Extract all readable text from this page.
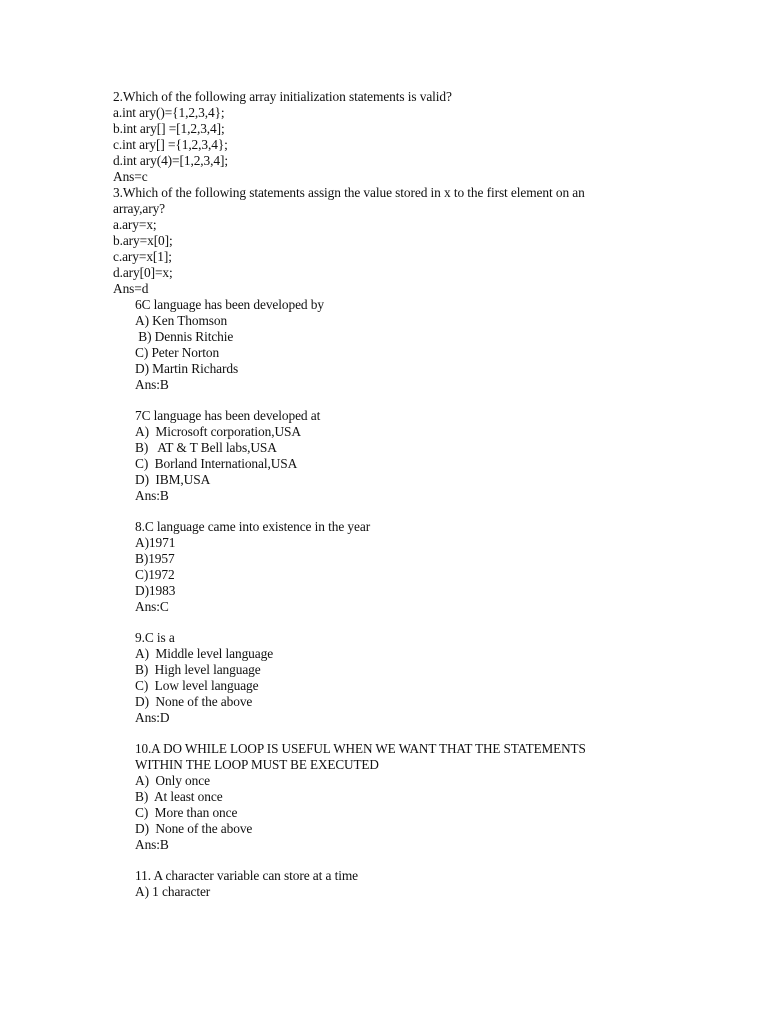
2.Which of the following array initialization statements is valid?
a.int ary()={1,2,3,4};
b.int ary[] =[1,2,3,4];
c.int ary[] ={1,2,3,4};
d.int ary(4)=[1,2,3,4];
Ans=c
3.Which of the following statements assign the value stored in x to the first element on an
array,ary?
a.ary=x;
b.ary=x[0];
c.ary=x[1];
d.ary[0]=x;
Ans=d
6C language has been developed by
A) Ken Thomson
B) Dennis Ritchie
C) Peter Norton
D) Martin Richards
Ans:B
7C language has been developed at
A)  Microsoft corporation,USA
B)   AT & T Bell labs,USA
C)  Borland International,USA
D)  IBM,USA
Ans:B
8.C language came into existence in the year
A)1971
B)1957
C)1972
D)1983
Ans:C
9.C is a
A)  Middle level language
B)  High level language
C)  Low level language
D)  None of the above
Ans:D
10.A DO WHILE LOOP IS USEFUL WHEN WE WANT THAT THE STATEMENTS
WITHIN THE LOOP MUST BE EXECUTED
A)  Only once
B)  At least once
C)  More than once
D)  None of the above
Ans:B
11. A character variable can store at a time
A) 1 character
